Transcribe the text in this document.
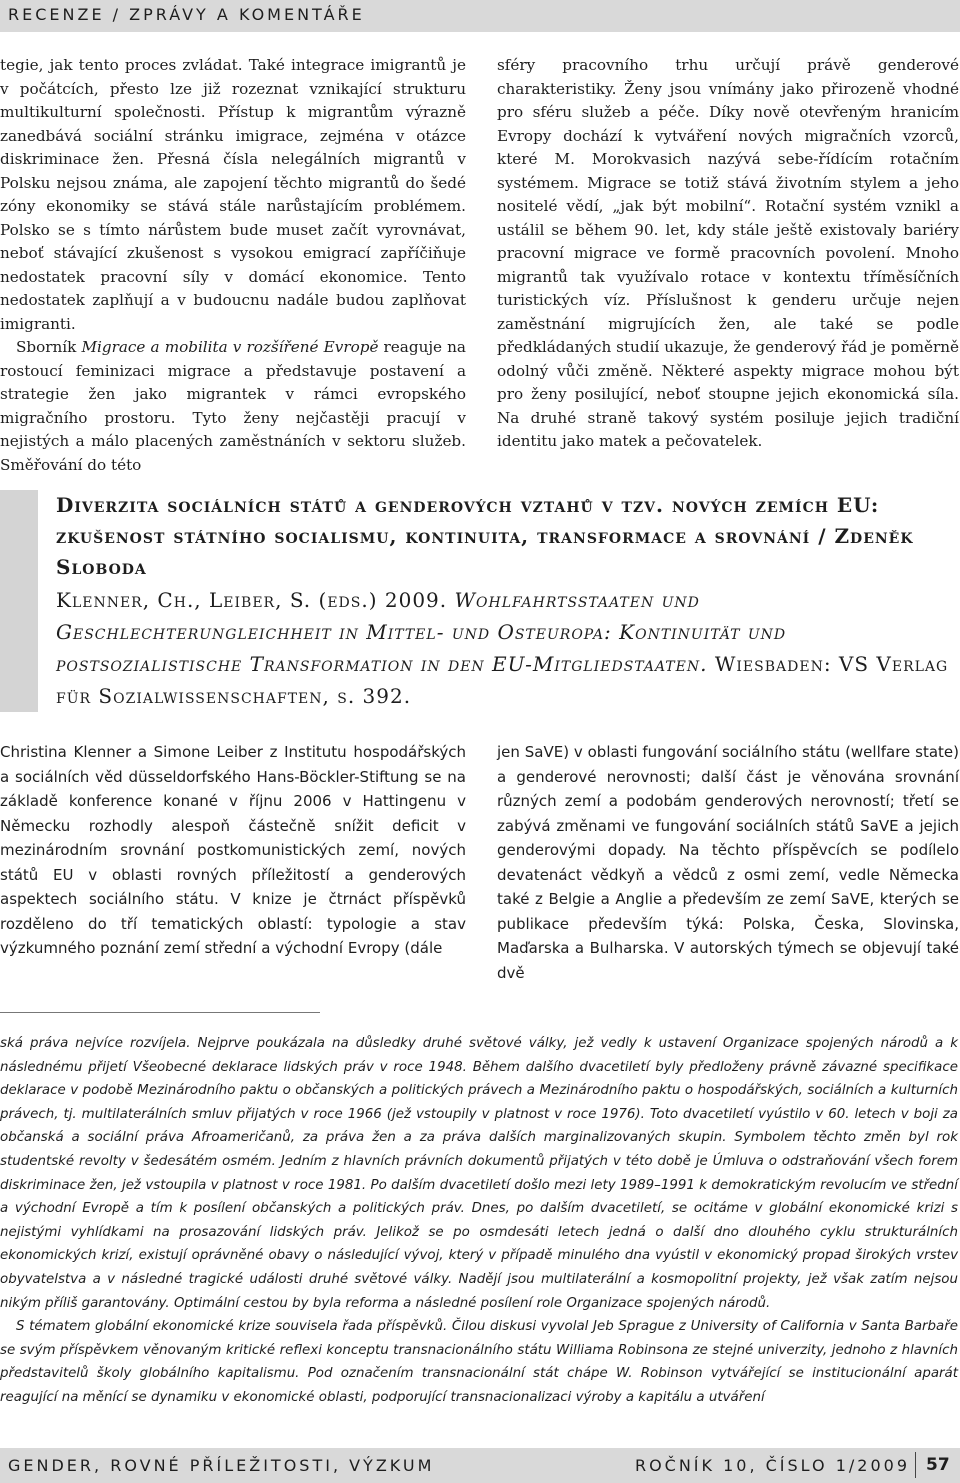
RECENZE / ZPRÁVY A KOMENTÁŘE

tegie, jak tento proces zvládat. Také integrace imigrantů je v počátcích, přesto lze již rozeznat vznikající strukturu multikulturní společnosti. Přístup k migrantům výrazně zanedbává sociální stránku imigrace, zejména v otázce diskriminace žen. Přesná čísla nelegálních migrantů v Polsku nejsou známa, ale zapojení těchto migrantů do šedé zóny ekonomiky se stává stále narůstajícím problémem. Polsko se s tímto nárůstem bude muset začít vyrovnávat, neboť stávající zkušenost s vysokou emigrací zapříčiňuje nedostatek pracovní síly v domácí ekonomice. Tento nedostatek zaplňují a v budoucnu nadále budou zaplňovat imigranti.

Sborník Migrace a mobilita v rozšířené Evropě reaguje na rostoucí feminizaci migrace a představuje postavení a strategie žen jako migrantek v rámci evropského migračního prostoru. Tyto ženy nejčastěji pracují v nejistých a málo placených zaměstnáních v sektoru služeb. Směřování do této

sféry pracovního trhu určují právě genderové charakteristiky. Ženy jsou vnímány jako přirozeně vhodné pro sféru služeb a péče. Díky nově otevřeným hranicím Evropy dochází k vytváření nových migračních vzorců, které M. Morokvasich nazývá sebe-řídícím rotačním systémem. Migrace se totiž stává životním stylem a jeho nositelé vědí, „jak být mobilní“. Rotační systém vznikl a ustálil se během 90. let, kdy stále ještě existovaly bariéry pracovní migrace ve formě pracovních povolení. Mnoho migrantů tak využívalo rotace v kontextu tříměsíčních turistických víz. Příslušnost k genderu určuje nejen zaměstnání migrujících žen, ale také se podle předkládaných studií ukazuje, že genderový řád je poměrně odolný vůči změně. Některé aspekty migrace mohou být pro ženy posilující, neboť stoupne jejich ekonomická síla. Na druhé straně takový systém posiluje jejich tradiční identitu jako matek a pečovatelek.

Diverzita sociálních států a genderových vztahů v tzv. nových zemích EU: zkušenost státního socialismu, kontinuita, transformace a srovnání / Zdeněk Sloboda

Klenner, Ch., Leiber, S. (eds.) 2009. Wohlfahrtsstaaten und Geschlechterungleichheit in Mittel- und Osteuropa: Kontinuität und postsozialistische Transformation in den EU-Mitgliedstaaten. Wiesbaden: VS Verlag für Sozialwissenschaften, s. 392.

Christina Klenner a Simone Leiber z Institutu hospodářských a sociálních věd düsseldorfského Hans-Böckler-Stiftung se na základě konference konané v říjnu 2006 v Hattingenu v Německu rozhodly alespoň částečně snížit deficit v mezinárodním srovnání postkomunistických zemí, nových států EU v oblasti rovných příležitostí a genderových aspektech sociálního státu. V knize je čtrnáct příspěvků rozděleno do tří tematických oblastí: typologie a stav výzkumného poznání zemí střední a východní Evropy (dále

jen SaVE) v oblasti fungování sociálního státu (wellfare state) a genderové nerovnosti; další část je věnována srovnání různých zemí a podobám genderových nerovností; třetí se zabývá změnami ve fungování sociálních států SaVE a jejich genderovými dopady. Na těchto příspěvcích se podílelo devatenáct vědkyň a vědců z osmi zemí, vedle Německa také z Belgie a Anglie a především ze zemí SaVE, kterých se publikace především týká: Polska, Česka, Slovinska, Maďarska a Bulharska. V autorských týmech se objevují také dvě

ská práva nejvíce rozvíjela. Nejprve poukázala na důsledky druhé světové války, jež vedly k ustavení Organizace spojených národů a k následnému přijetí Všeobecné deklarace lidských práv v roce 1948. Během dalšího dvacetiletí byly předloženy právně závazné specifikace deklarace v podobě Mezinárodního paktu o občanských a politických právech a Mezinárodního paktu o hospodářských, sociálních a kulturních právech, tj. multilaterálních smluv přijatých v roce 1966 (jež vstoupily v platnost v roce 1976). Toto dvacetiletí vyústilo v 60. letech v boji za občanská a sociální práva Afroameričanů, za práva žen a za práva dalších marginalizovaných skupin. Symbolem těchto změn byl rok studentské revolty v šedesátém osmém. Jedním z hlavních právních dokumentů přijatých v této době je Úmluva o odstraňování všech forem diskriminace žen, jež vstoupila v platnost v roce 1981. Po dalším dvacetiletí došlo mezi lety 1989–1991 k demokratickým revolucím ve střední a východní Evropě a tím k posílení občanských a politických práv. Dnes, po dalším dvacetiletí, se ocitáme v globální ekonomické krizi s nejistými vyhlídkami na prosazování lidských práv. Jelikož se po osmdesáti letech jedná o další dno dlouhého cyklu strukturálních ekonomických krizí, existují oprávněné obavy o následující vývoj, který v případě minulého dna vyústil v ekonomický propad širokých vrstev obyvatelstva a v následné tragické události druhé světové války. Nadějí jsou multilaterální a kosmopolitní projekty, jež však zatím nejsou nikým příliš garantovány. Optimální cestou by byla reforma a následné posílení role Organizace spojených národů.

S tématem globální ekonomické krize souvisela řada příspěvků. Čilou diskusi vyvolal Jeb Sprague z University of California v Santa Barbaře se svým příspěvkem věnovaným kritické reflexi konceptu transnacionálního státu Williama Robinsona ze stejné univerzity, jednoho z hlavních představitelů školy globálního kapitalismu. Pod označením transnacionální stát chápe W. Robinson vytvářející se institucionální aparát reagující na měnící se dynamiku v ekonomické oblasti, podporující transnacionalizaci výroby a kapitálu a utváření

GENDER, ROVNÉ PŘÍLEŽITOSTI, VÝZKUM	ROČNÍK 10, ČÍSLO 1/2009 57
